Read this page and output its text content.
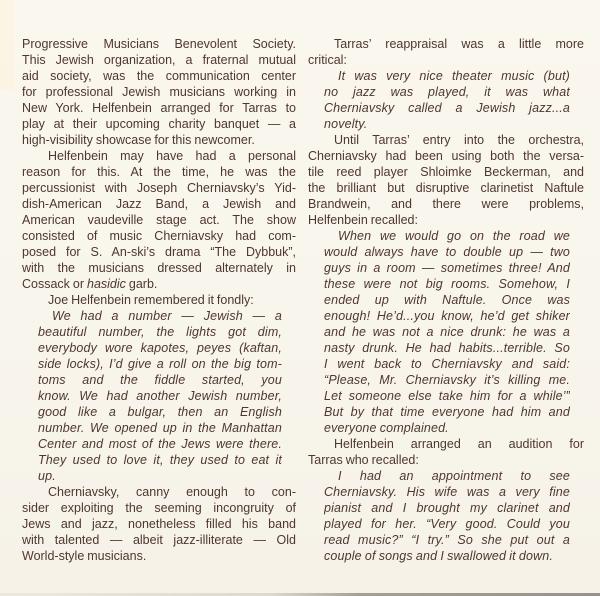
Progressive Musicians Benevolent Society.
This Jewish organization, a fraternal mutual
aid society, was the communication center
for professional Jewish musicians working in
New York. Helfenbein arranged for Tarras to
play at their upcoming charity banquet — a
high-visibility showcase for this newcomer.
Helfenbein may have had a personal
reason for this. At the time, he was the
percussionist with Joseph Cherniavsky’s Yid-
dish-American Jazz Band, a Jewish and
American vaudeville stage act. The show
consisted of music Cherniavsky had com-
posed for S. An-ski’s drama “The Dybbuk”,
with the musicians dressed alternately in
Cossack or hasidic garb.
Joe Helfenbein remembered it fondly:
We had a number — Jewish — a
beautiful number, the lights got dim,
everybody wore kapotes, peyes (kaftan,
side locks), I’d give a roll on the big tom-
toms and the fiddle started, you
know. We had another Jewish number,
good like a bulgar, then an English
number. We opened up in the Manhattan
Center and most of the Jews were there.
They used to love it, they used to eat it
up.
Cherniavsky, canny enough to con-
sider exploiting the seeming incongruity of
Jews and jazz, nonetheless filled his band
with talented — albeit jazz-illiterate — Old
World-style musicians.
Tarras’ reappraisal was a little more
critical:
It was very nice theater music (but)
no jazz was played, it was what
Cherniavsky called a Jewish jazz...a
novelty.
Until Tarras’ entry into the orchestra,
Cherniavsky had been using both the versa-
tile reed player Shloimke Beckerman, and
the brilliant but disruptive clarinetist Naftule
Brandwein, and there were problems,
Helfenbein recalled:
When we would go on the road we
would always have to double up — two
guys in a room — sometimes three! And
these were not big rooms. Somehow, I
ended up with Naftule. Once was
enough! He’d...you know, he’d get shiker
and he was not a nice drunk: he was a
nasty drunk. He had habits...terrible. So
I went back to Cherniavsky and said:
“Please, Mr. Cherniavsky it’s killing me.
Let someone else take him for a while’”
But by that time everyone had him and
everyone complained.
Helfenbein arranged an audition for
Tarras who recalled:
I had an appointment to see
Cherniavsky. His wife was a very fine
pianist and I brought my clarinet and
played for her. “Very good. Could you
read music?” “I try.” So she put out a
couple of songs and I swallowed it down.
